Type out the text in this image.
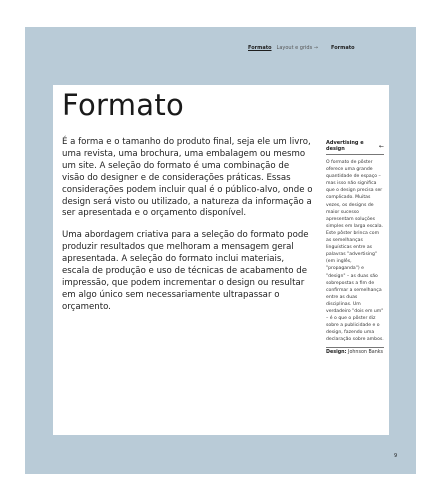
Formato Layout e grids →	Formato
Formato

É a forma e o tamanho do produto final, seja ele um livro, uma revista, uma brochura, uma embalagem ou mesmo um site. A seleção do formato é uma combinação de visão do designer e de considerações práticas. Essas considerações podem incluir qual é o público-alvo, onde o design será visto ou utilizado, a natureza da informação a ser apresentada e o orçamento disponível.

Uma abordagem criativa para a seleção do formato pode produzir resultados que melhoram a mensagem geral apresentada. A seleção do formato inclui materiais, escala de produção e uso de técnicas de acabamento de impressão, que podem incrementar o design ou resultar em algo único sem necessariamente ultrapassar o orçamento.

Advertising e design	←
O formato de pôster oferece uma grande quantidade de espaço – mas isso não significa que o design precisa ser complicado. Muitas vezes, os designs de maior sucesso apresentam soluções simples em larga escala. Este pôster brinca com as semelhanças linguísticas entre as palavras "advertising" (em inglês, "propaganda") e "design" – as duas são sobrepostas a fim de confirmar a semelhança entre as duas disciplinas. Um verdadeiro "dois em um" – é o que o pôster diz sobre a publicidade e o design, fazendo uma declaração sobre ambos.
Design: Johnson Banks
9
